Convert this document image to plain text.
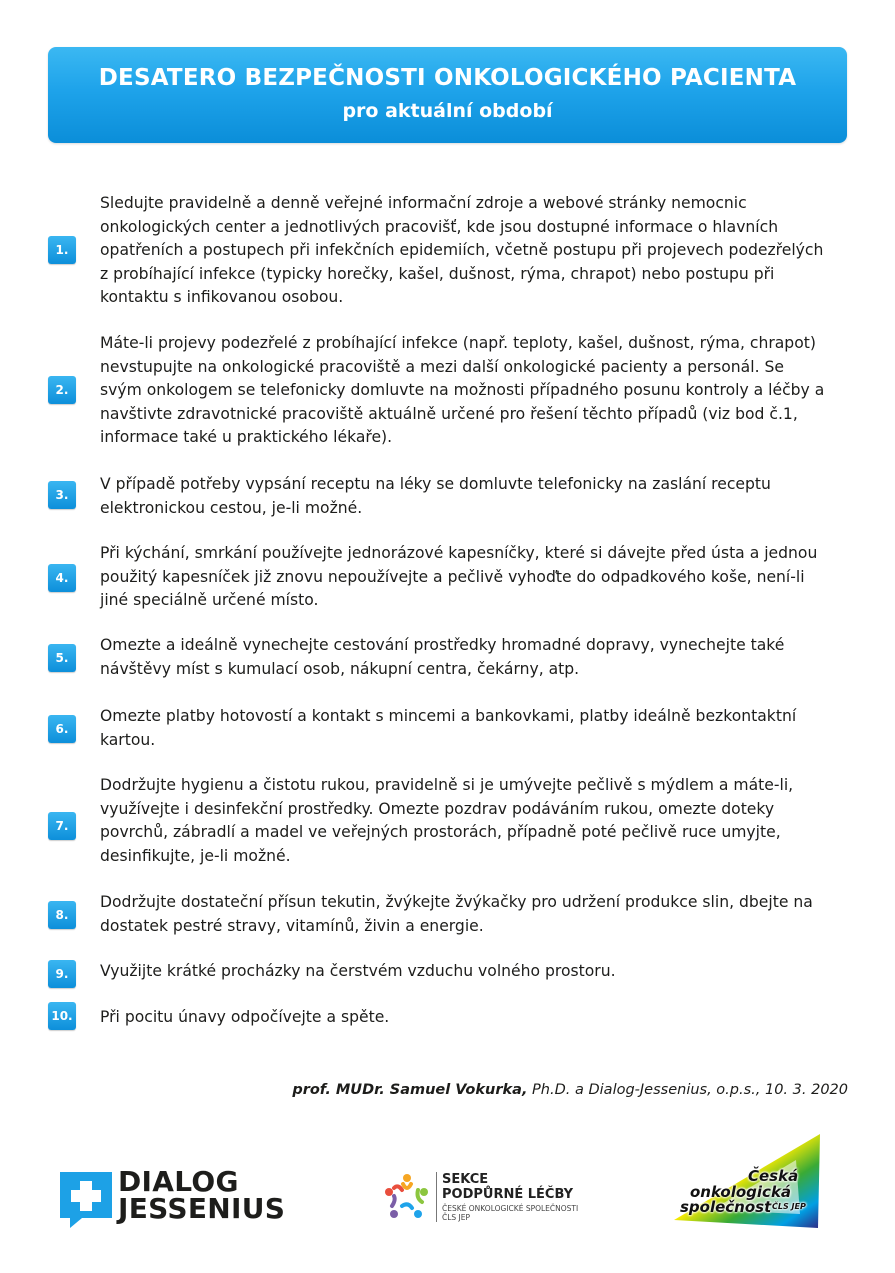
DESATERO BEZPEČNOSTI ONKOLOGICKÉHO PACIENTA
pro aktuální období
1.
Sledujte pravidelně a denně veřejné informační zdroje a webové stránky nemocnic onkologických center a jednotlivých pracovišť, kde jsou dostupné informace o hlavních opatřeních a postupech při infekčních epidemiích, včetně postupu při projevech podezřelých z probíhající infekce (typicky horečky, kašel, dušnost, rýma, chrapot) nebo postupu při kontaktu s infikovanou osobou.
2.
Máte-li projevy podezřelé z probíhající infekce (např. teploty, kašel, dušnost, rýma, chrapot) nevstupujte na onkologické pracoviště a mezi další onkologické pacienty a personál. Se svým onkologem se telefonicky domluvte na možnosti případného posunu kontroly a léčby a navštivte zdravotnické pracoviště aktuálně určené pro řešení těchto případů (viz bod č.1, informace také u praktického lékaře).
3.
V případě potřeby vypsání receptu na léky se domluvte telefonicky na zaslání receptu elektronickou cestou, je-li možné.
4.
Při kýchání, smrkání používejte jednorázové kapesníčky, které si dávejte před ústa a jednou použitý kapesníček již znovu nepoužívejte a pečlivě vyhoďte do odpadkového koše, není-li jiné speciálně určené místo.
5.
Omezte a ideálně vynechejte cestování prostředky hromadné dopravy, vynechejte také návštěvy míst s kumulací osob, nákupní centra, čekárny, atp.
6.
Omezte platby hotovostí a kontakt s mincemi a bankovkami, platby ideálně bezkontaktní kartou.
7.
Dodržujte hygienu a čistotu rukou, pravidelně si je umývejte pečlivě s mýdlem a máte-li, využívejte i desinfekční prostředky. Omezte pozdrav podáváním rukou, omezte doteky povrchů, zábradlí a madel ve veřejných prostorách, případně poté pečlivě ruce umyjte, desinfikujte, je-li možné.
8.
Dodržujte dostateční přísun tekutin, žvýkejte žvýkačky pro udržení produkce slin, dbejte na dostatek pestré stravy, vitamínů, živin a energie.
9.	Využijte krátké procházky na čerstvém vzduchu volného prostoru.
10. Při pocitu únavy odpočívejte a spěte.
prof. MUDr. Samuel Vokurka, Ph.D. a Dialog-Jessenius, o.p.s., 10. 3. 2020
DIALOG
JESSENIUS
SEKCE
PODPŮRNÉ LÉČBY
ČESKÉ ONKOLOGICKÉ SPOLEČNOSTI
ČLS JEP
Česká
onkologická
společnost ČLS JEP
